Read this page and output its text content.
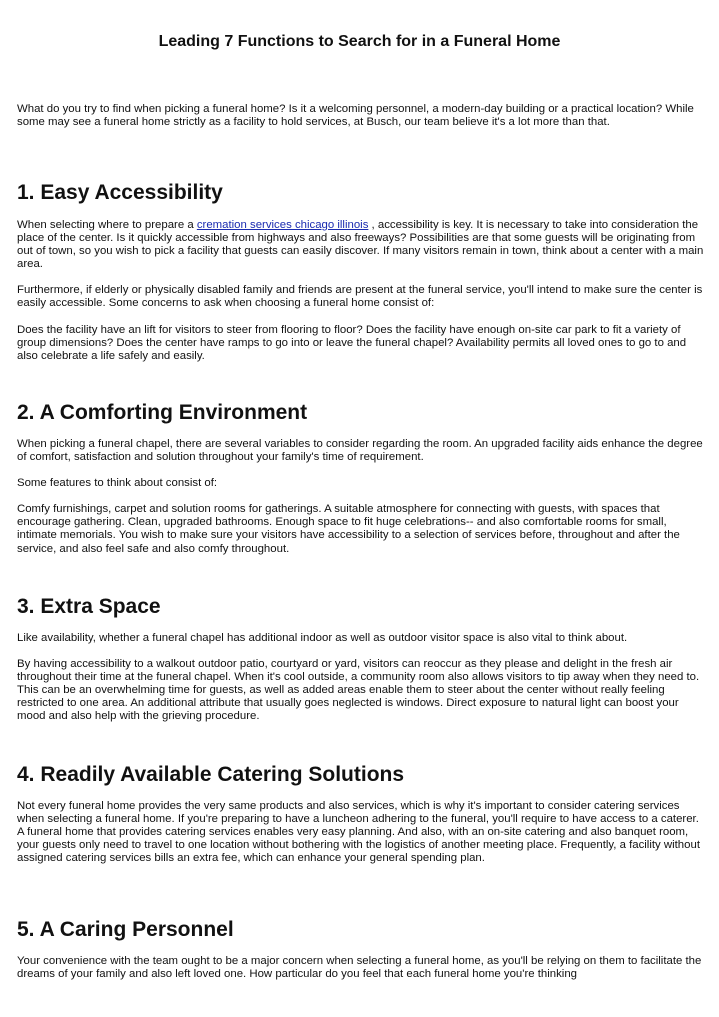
Leading 7 Functions to Search for in a Funeral Home

What do you try to find when picking a funeral home? Is it a welcoming personnel, a modern-day building or a practical location? While some may see a funeral home strictly as a facility to hold services, at Busch, our team believe it's a lot more than that.

1. Easy Accessibility

When selecting where to prepare a cremation services chicago illinois , accessibility is key. It is necessary to take into consideration the place of the center. Is it quickly accessible from highways and also freeways? Possibilities are that some guests will be originating from out of town, so you wish to pick a facility that guests can easily discover. If many visitors remain in town, think about a center with a main area.

Furthermore, if elderly or physically disabled family and friends are present at the funeral service, you'll intend to make sure the center is easily accessible. Some concerns to ask when choosing a funeral home consist of:

Does the facility have an lift for visitors to steer from flooring to floor? Does the facility have enough on-site car park to fit a variety of group dimensions? Does the center have ramps to go into or leave the funeral chapel? Availability permits all loved ones to go to and also celebrate a life safely and easily.

2. A Comforting Environment

When picking a funeral chapel, there are several variables to consider regarding the room. An upgraded facility aids enhance the degree of comfort, satisfaction and solution throughout your family's time of requirement.

Some features to think about consist of:

Comfy furnishings, carpet and solution rooms for gatherings. A suitable atmosphere for connecting with guests, with spaces that encourage gathering. Clean, upgraded bathrooms. Enough space to fit huge celebrations-- and also comfortable rooms for small, intimate memorials. You wish to make sure your visitors have accessibility to a selection of services before, throughout and after the service, and also feel safe and also comfy throughout.

3. Extra Space

Like availability, whether a funeral chapel has additional indoor as well as outdoor visitor space is also vital to think about.

By having accessibility to a walkout outdoor patio, courtyard or yard, visitors can reoccur as they please and delight in the fresh air throughout their time at the funeral chapel. When it's cool outside, a community room also allows visitors to tip away when they need to. This can be an overwhelming time for guests, as well as added areas enable them to steer about the center without really feeling restricted to one area. An additional attribute that usually goes neglected is windows. Direct exposure to natural light can boost your mood and also help with the grieving procedure.

4. Readily Available Catering Solutions

Not every funeral home provides the very same products and also services, which is why it's important to consider catering services when selecting a funeral home. If you're preparing to have a luncheon adhering to the funeral, you'll require to have access to a caterer. A funeral home that provides catering services enables very easy planning. And also, with an on-site catering and also banquet room, your guests only need to travel to one location without bothering with the logistics of another meeting place. Frequently, a facility without assigned catering services bills an extra fee, which can enhance your general spending plan.

5. A Caring Personnel

Your convenience with the team ought to be a major concern when selecting a funeral home, as you'll be relying on them to facilitate the dreams of your family and also left loved one. How particular do you feel that each funeral home you're thinking
